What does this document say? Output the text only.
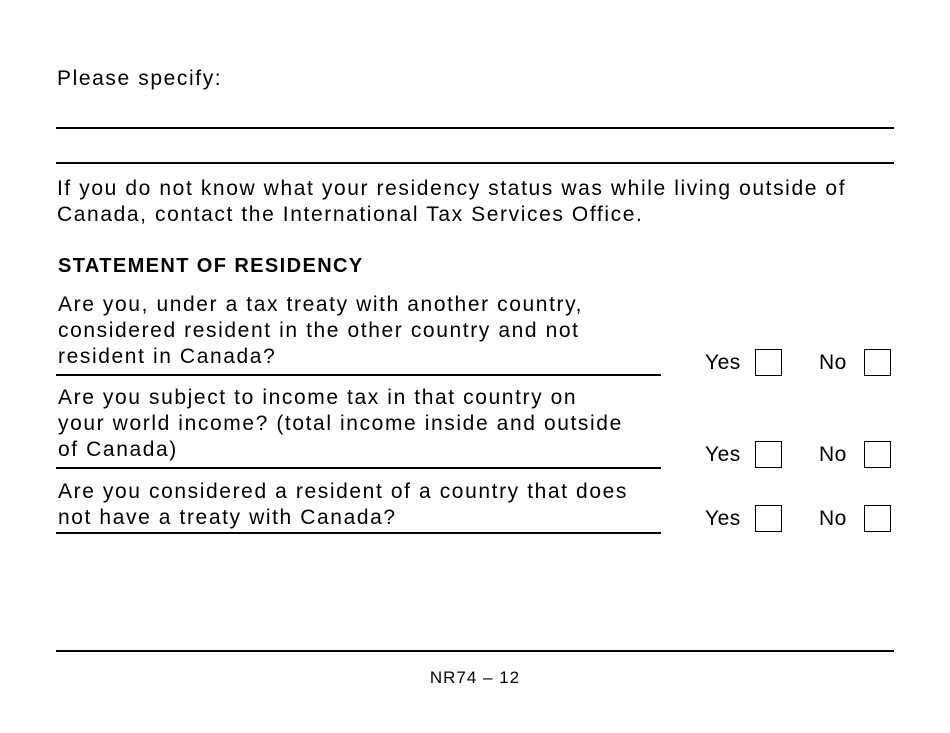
Please specify:
If you do not know what your residency status was while living outside of
Canada, contact the International Tax Services Office.
STATEMENT OF RESIDENCY
Are you, under a tax treaty with another country,
considered resident in the other country and not
resident in Canada?	Yes	No
Are you subject to income tax in that country on
your world income? (total income inside and outside
of Canada)	Yes	No
Are you considered a resident of a country that does
not have a treaty with Canada?	Yes	No
NR74 – 12
